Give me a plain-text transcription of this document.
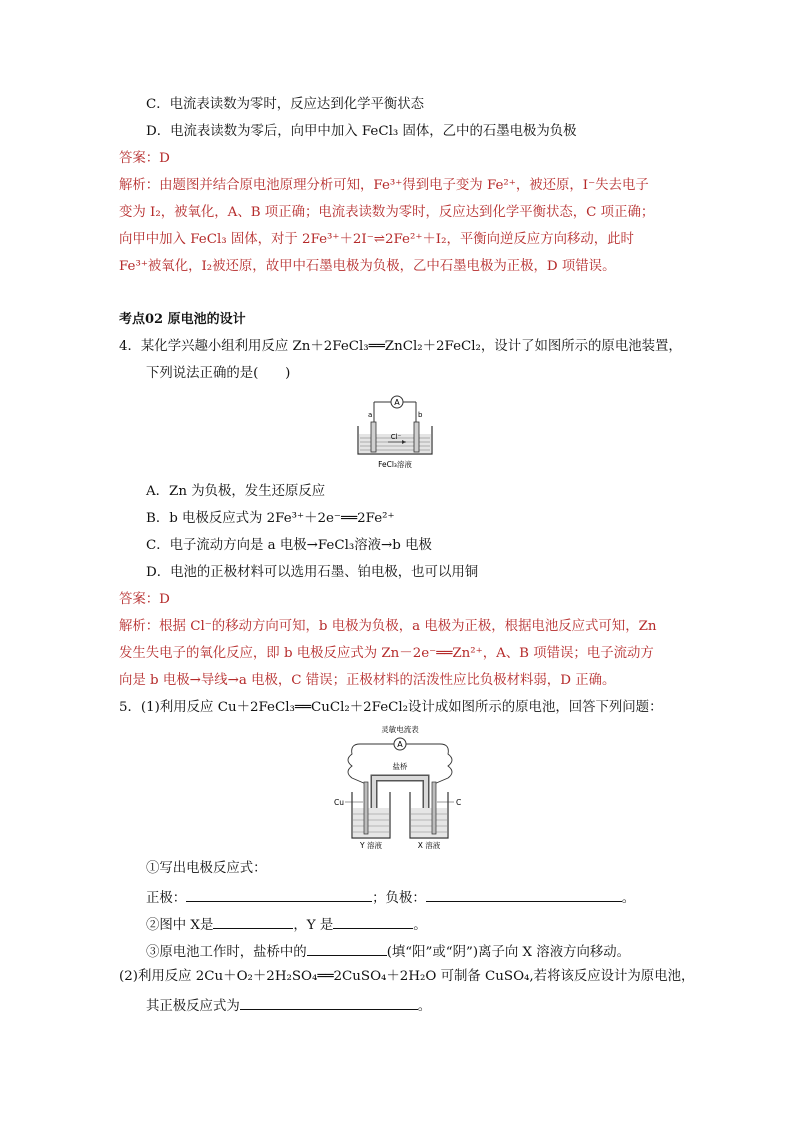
C．电流表读数为零时，反应达到化学平衡状态
D．电流表读数为零后，向甲中加入 FeCl₃ 固体，乙中的石墨电极为负极
答案：D
解析：由题图并结合原电池原理分析可知，Fe³⁺得到电子变为 Fe²⁺，被还原，I⁻失去电子
变为 I₂，被氧化，A、B 项正确；电流表读数为零时，反应达到化学平衡状态，C 项正确；
向甲中加入 FeCl₃ 固体，对于 2Fe³⁺＋2I⁻⇌2Fe²⁺＋I₂，平衡向逆反应方向移动，此时
Fe³⁺被氧化，I₂被还原，故甲中石墨电极为负极，乙中石墨电极为正极，D 项错误。
考点02 原电池的设计
4．某化学兴趣小组利用反应 Zn＋2FeCl₃══ZnCl₂＋2FeCl₂，设计了如图所示的原电池装置，
下列说法正确的是(　　)
A
a	b
Cl⁻
FeCl₃溶液
A．Zn 为负极，发生还原反应
B．b 电极反应式为 2Fe³⁺＋2e⁻══2Fe²⁺
C．电子流动方向是 a 电极→FeCl₃溶液→b 电极
D．电池的正极材料可以选用石墨、铂电极，也可以用铜
答案：D
解析：根据 Cl⁻的移动方向可知，b 电极为负极，a 电极为正极，根据电池反应式可知，Zn
发生失电子的氧化反应，即 b 电极反应式为 Zn－2e⁻══Zn²⁺，A、B 项错误；电子流动方
向是 b 电极→导线→a 电极，C 错误；正极材料的活泼性应比负极材料弱，D 正确。
5．(1)利用反应 Cu＋2FeCl₃══CuCl₂＋2FeCl₂设计成如图所示的原电池，回答下列问题：
灵敏电流表
A
盐桥
Cu	C
Y 溶液	X 溶液
①写出电极反应式：
正极：	；负极：	。
②图中 X是	，Y 是	。
③原电池工作时，盐桥中的	(填“阳”或“阴”)离子向 X 溶液方向移动。
(2)利用反应 2Cu＋O₂＋2H₂SO₄══2CuSO₄＋2H₂O 可制备 CuSO₄,若将该反应设计为原电池，
其正极反应式为	。
